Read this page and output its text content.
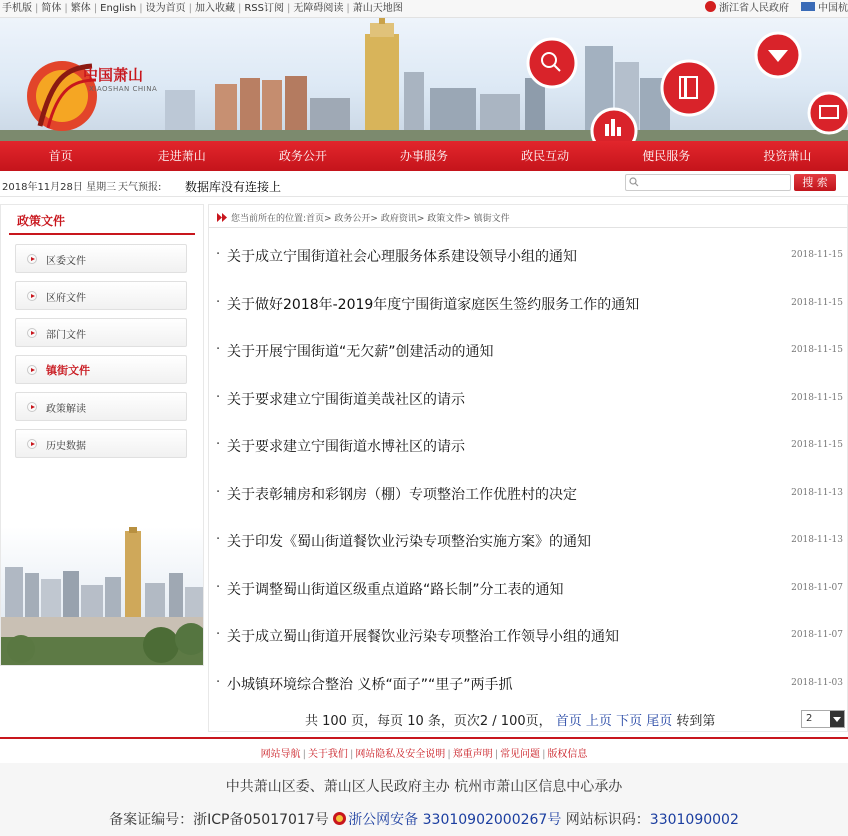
手机版 | 简体 | 繁体 | English | 设为首页 | 加入收藏 | RSS订阅 | 无障碍阅读 | 萧山天地图	浙江省人民政府	中国杭
中国萧山
XIAOSHAN CHINA
首页	走进萧山	政务公开	办事服务	政民互动	便民服务	投资萧山
2018年11月28日 星期三 天气预报: 数据库没有连接上	搜 索
政策文件
区委文件
区府文件
部门文件
镇街文件
政策解读
历史数据
您当前所在的位置:首页> 政务公开> 政府资讯> 政策文件> 镇街文件
· 关于成立宁围街道社会心理服务体系建设领导小组的通知	2018-11-15
· 关于做好2018年-2019年度宁围街道家庭医生签约服务工作的通知	2018-11-15
· 关于开展宁围街道“无欠薪”创建活动的通知	2018-11-15
· 关于要求建立宁围街道美哉社区的请示	2018-11-15
· 关于要求建立宁围街道水博社区的请示	2018-11-15
· 关于表彰辅房和彩钢房（棚）专项整治工作优胜村的决定	2018-11-13
· 关于印发《蜀山街道餐饮业污染专项整治实施方案》的通知	2018-11-13
· 关于调整蜀山街道区级重点道路“路长制”分工表的通知	2018-11-07
· 关于成立蜀山街道开展餐饮业污染专项整治工作领导小组的通知	2018-11-07
· 小城镇环境综合整治 义桥“面子”“里子”两手抓	2018-11-03
共 100 页，每页 10 条，页次2 / 100页， 首页 上页 下页 尾页 转到第	2
网站导航 | 关于我们 | 网站隐私及安全说明 | 郑重声明 | 常见问题 | 版权信息
中共萧山区委、萧山区人民政府主办 杭州市萧山区信息中心承办
备案证编号：浙ICP备05017017号 浙公网安备 33010902000267号 网站标识码：3301090002
